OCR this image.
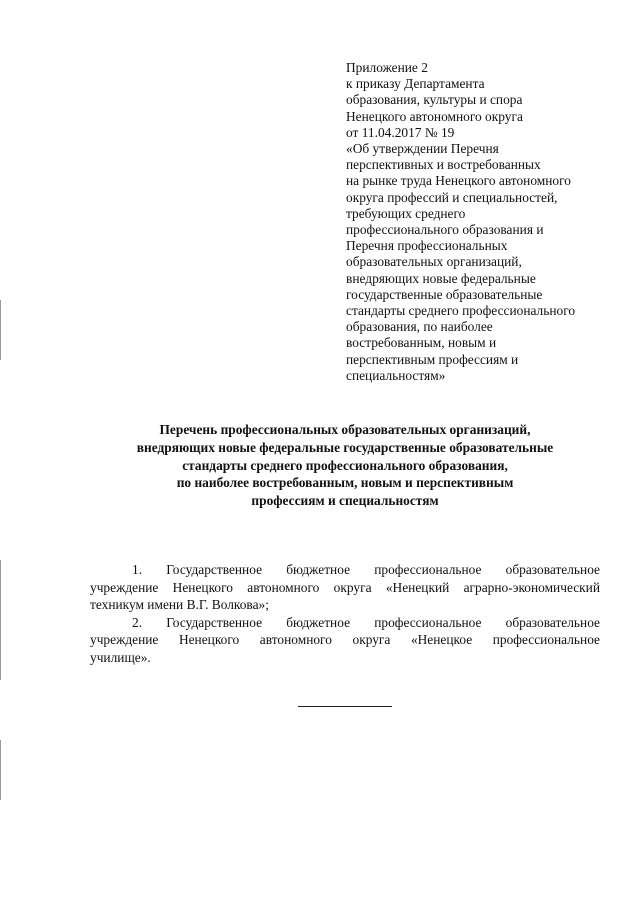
Приложение 2
к приказу Департамента
образования, культуры и спора
Ненецкого автономного округа
от 11.04.2017 № 19
«Об утверждении Перечня
перспективных и востребованных
на рынке труда Ненецкого автономного
округа профессий и специальностей,
требующих среднего
профессионального образования и
Перечня профессиональных
образовательных организаций,
внедряющих новые федеральные
государственные образовательные
стандарты среднего профессионального
образования, по наиболее
востребованным, новым и
перспективным профессиям и
специальностям»
Перечень профессиональных образовательных организаций,
внедряющих новые федеральные государственные образовательные
стандарты среднего профессионального образования,
по наиболее востребованным, новым и перспективным
профессиям и специальностям
1. Государственное бюджетное профессиональное образовательное
учреждение Ненецкого автономного округа «Ненецкий аграрно-экономический
техникум имени В.Г. Волкова»;
2. Государственное бюджетное профессиональное образовательное
учреждение Ненецкого автономного округа «Ненецкое профессиональное
училище».
